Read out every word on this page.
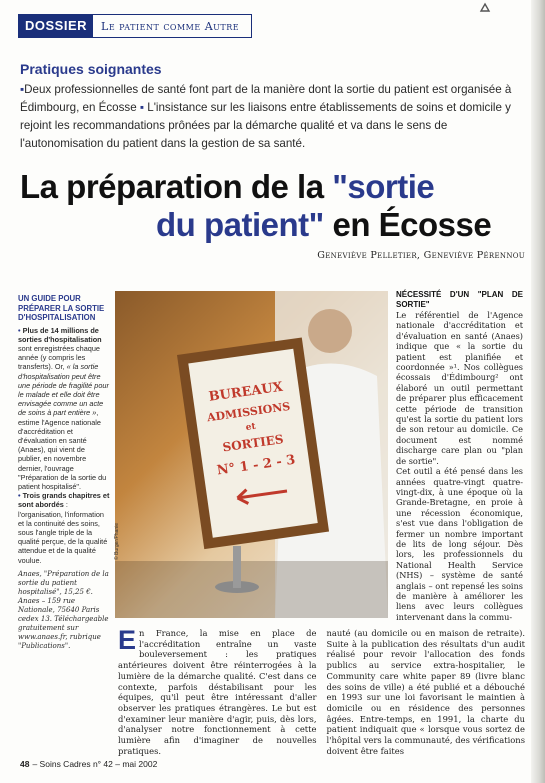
DOSSIER	Le patient comme Autre
Pratiques soignantes

▪Deux professionnelles de santé font part de la manière dont la sortie du patient est organisée à Édimbourg, en Écosse ▪ L'insistance sur les liaisons entre établissements de soins et domicile y rejoint les recommandations prônées par la démarche qualité et va dans le sens de l'autonomisation du patient dans la gestion de sa santé.

La préparation de la "sortie
du patient" en Écosse
Geneviève Pelletier, Geneviève Pérennou
UN GUIDE POUR PRÉPARER LA SORTIE D'HOSPITALISATION

• Plus de 14 millions de sorties d'hospitalisation sont enregistrées chaque année (y compris les transferts). Or, « la sortie d'hospitalisation peut être une période de fragilité pour le malade et elle doit être envisagée comme un acte de soins à part entière », estime l'Agence nationale d'accréditation et d'évaluation en santé (Anaes), qui vient de publier, en novembre dernier, l'ouvrage "Préparation de la sortie du patient hospitalisé".

• Trois grands chapitres et sont abordés : l'organisation, l'information et la continuité des soins, sous l'angle triple de la qualité perçue, de la qualité attendue et de la qualité voulue.

Anaes, "Préparation de la sortie du patient hospitalisé", 15,25 €. Anaes – 159 rue Nationale, 75640 Paris cedex 13. Téléchargeable gratuitement sur www.anaes.fr, rubrique "Publications".

BUREAUX
ADMISSIONS
et
SORTIES
N° 1 - 2 - 3
© Burger/Phanie
NÉCESSITÉ D'UN "PLAN DE SORTIE"

Le référentiel de l'Agence nationale d'accréditation et d'évaluation en santé (Anaes) indique que « la sortie du patient est planifiée et coordonnée »¹. Nos collègues écossais d'Édimbourg² ont élaboré un outil permettant de préparer plus efficacement cette période de transition qu'est la sortie du patient lors de son retour au domicile. Ce document est nommé discharge care plan ou "plan de sortie".

Cet outil a été pensé dans les années quatre-vingt quatre-vingt-dix, à une époque où la Grande-Bretagne, en proie à une récession économique, s'est vue dans l'obligation de fermer un nombre important de lits de long séjour. Dès lors, les professionnels du National Health Service (NHS) – système de santé anglais – ont repensé les soins de manière à améliorer les liens avec leurs collègues intervenant dans la commu-

En France, la mise en place de l'accréditation entraîne un vaste bouleversement : les pratiques antérieures doivent être réinterrogées à la lumière de la démarche qualité. C'est dans ce contexte, parfois déstabilisant pour les équipes, qu'il peut être intéressant d'aller observer les pratiques étrangères. Le but est d'examiner leur manière d'agir, puis, dès lors, d'analyser notre fonctionnement à cette lumière afin d'imaginer de nouvelles pratiques.
nauté (au domicile ou en maison de retraite). Suite à la publication des résultats d'un audit réalisé pour revoir l'allocation des fonds publics au service extra-hospitalier, le Community care white paper 89 (livre blanc des soins de ville) a été publié et a débouché en 1993 sur une loi favorisant le maintien à domicile ou en résidence des personnes âgées. Entre-temps, en 1991, la charte du patient indiquait que « lorsque vous sortez de l'hôpital vers la communauté, des vérifications doivent être faites
48 – Soins Cadres n° 42 – mai 2002
